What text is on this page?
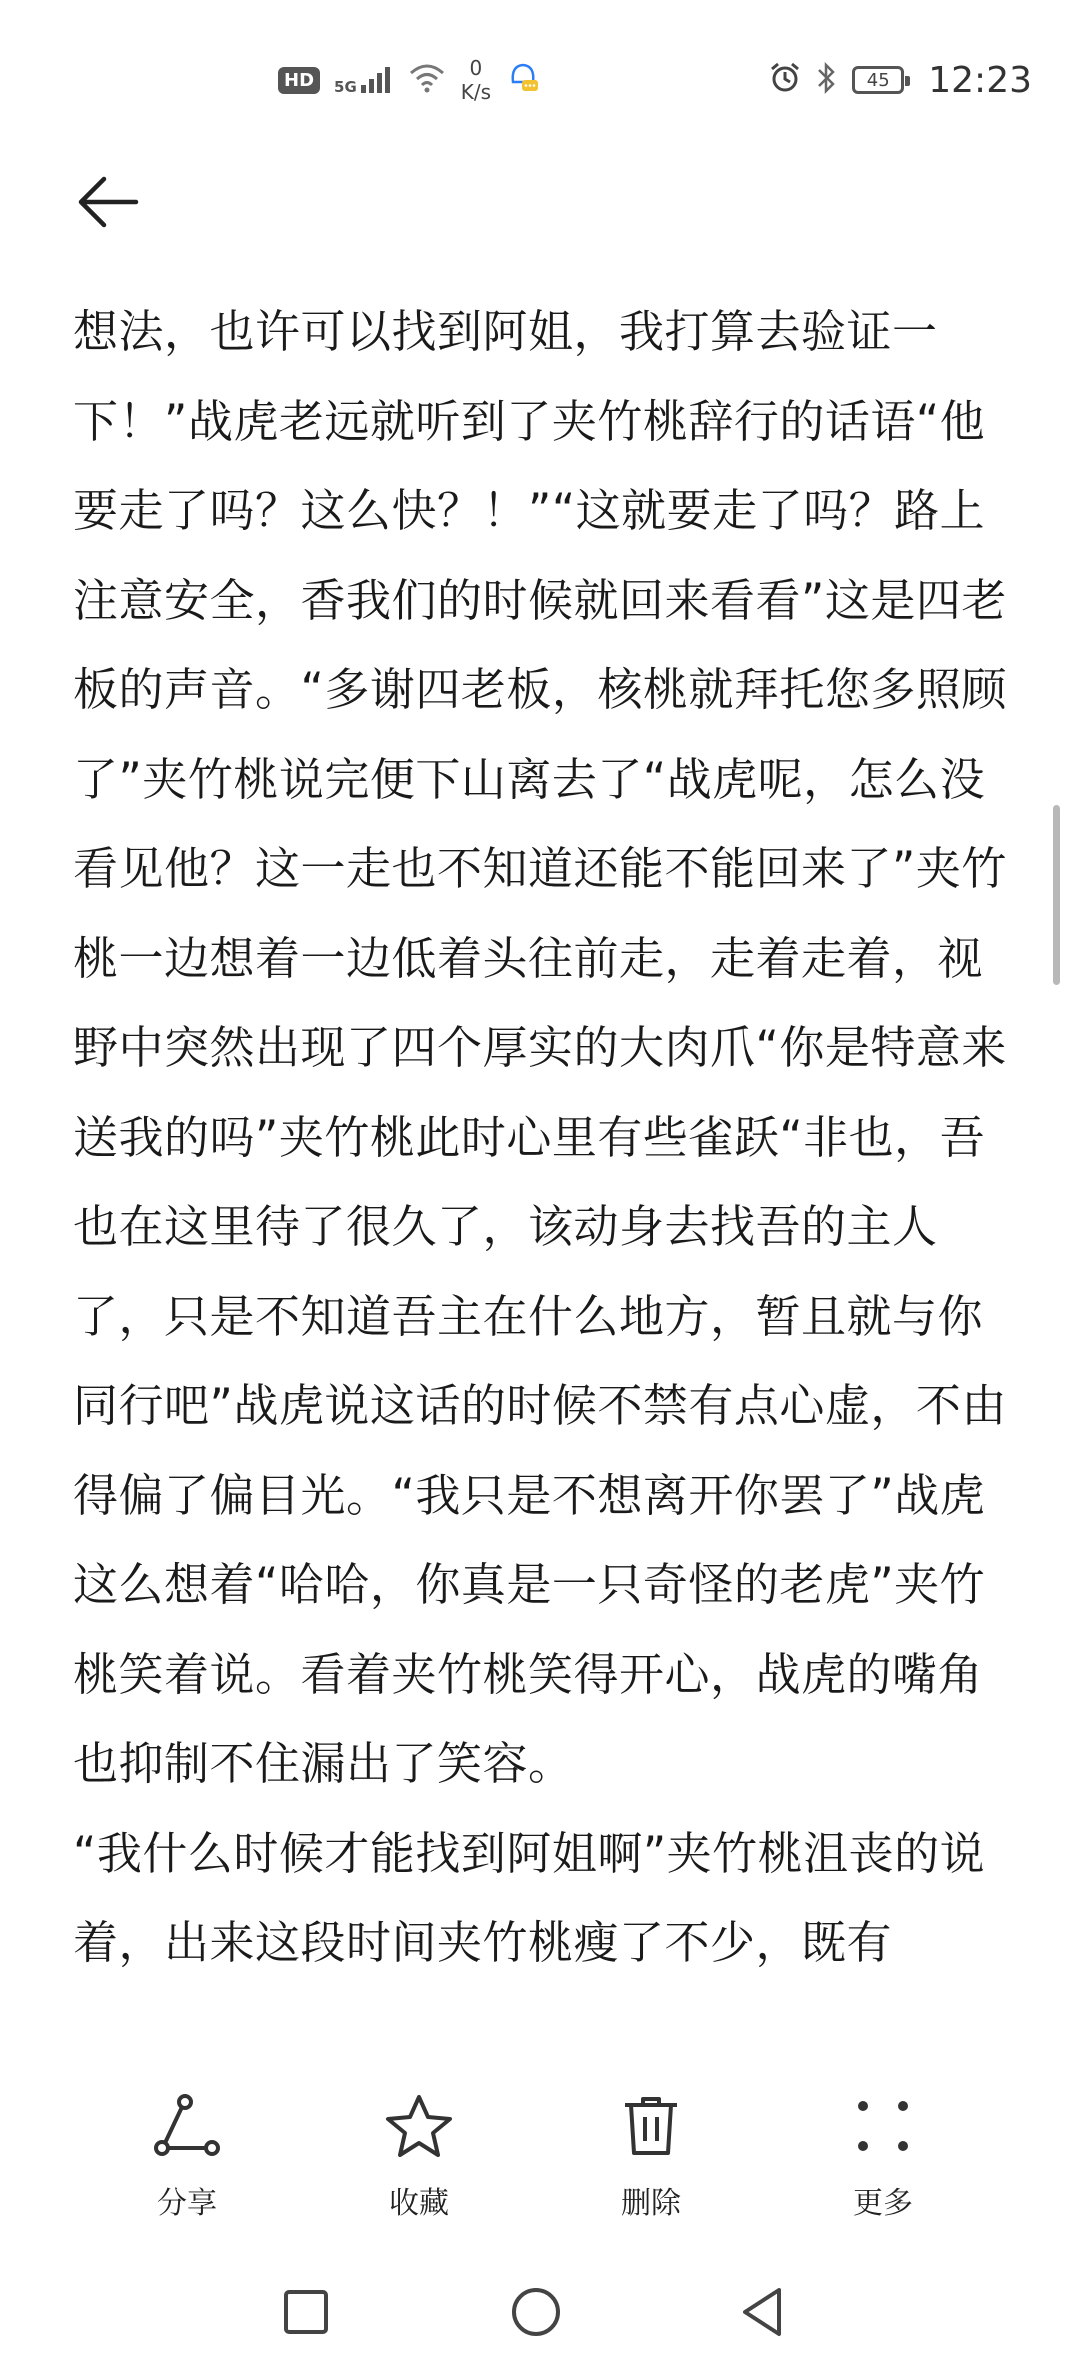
HD	5G
0
K/s	45	12:23

想法，也许可以找到阿姐，我打算去验证一下！”战虎老远就听到了夹竹桃辞行的话语“他要走了吗？这么快？！”“这就要走了吗？路上注意安全，香我们的时候就回来看看”这是四老板的声音。“多谢四老板，核桃就拜托您多照顾了”夹竹桃说完便下山离去了“战虎呢，怎么没看见他？这一走也不知道还能不能回来了”夹竹桃一边想着一边低着头往前走，走着走着，视野中突然出现了四个厚实的大肉爪“你是特意来送我的吗”夹竹桃此时心里有些雀跃“非也，吾也在这里待了很久了，该动身去找吾的主人了，只是不知道吾主在什么地方，暂且就与你同行吧”战虎说这话的时候不禁有点心虚，不由得偏了偏目光。“我只是不想离开你罢了”战虎这么想着“哈哈，你真是一只奇怪的老虎”夹竹桃笑着说。看着夹竹桃笑得开心，战虎的嘴角也抑制不住漏出了笑容。

“我什么时候才能找到阿姐啊”夹竹桃沮丧的说着，出来这段时间夹竹桃瘦了不少，既有

分享	收藏	删除	更多
